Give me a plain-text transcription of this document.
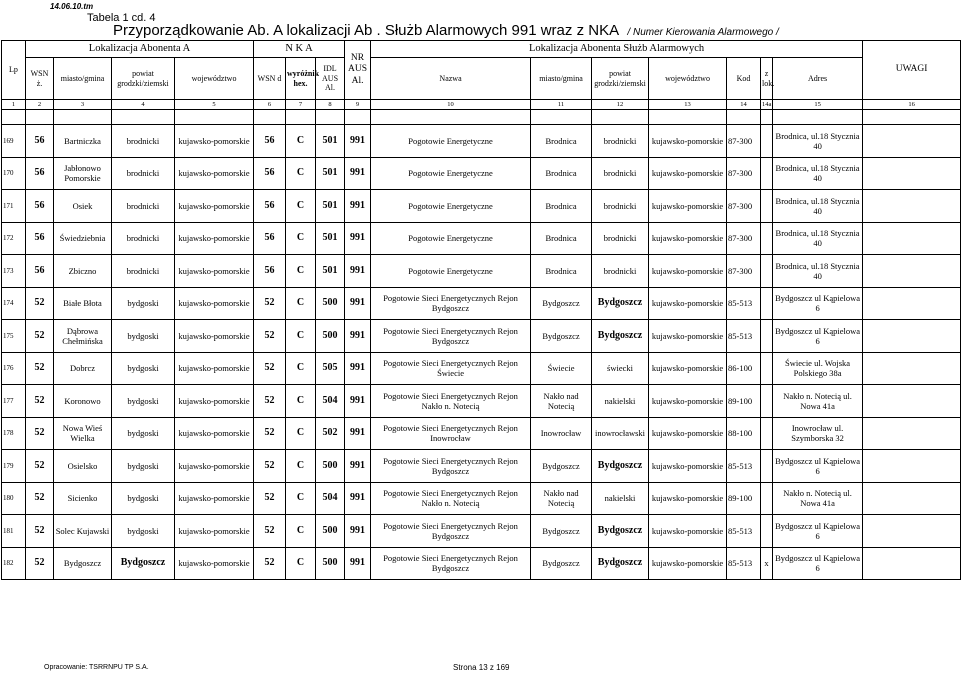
14.06.10.tm
Tabela 1 cd. 4
Przyporządkowanie Ab. A lokalizacji Ab . Służb Alarmowych 991 wraz z NKA / Numer Kierowania Alarmowego /
Lp	Lokalizacja Abonenta A				N K A			NR AUS Al.	Lokalizacja Abonenta Służb Alarmowych							UWAGI
	WSN ż.	miasto/gmina	powiat grodzki/ziemski	województwo	WSN d	wyróżnik hex.	IDL AUS Al.		Nazwa	miasto/gmina	powiat grodzki/ziemski	województwo	Kod	z lok.	Adres	
1	2	3	4	5	6	7	8	9	10	11	12	13	14	14a	15	16

169	56	Bartniczka	brodnicki	kujawsko-pomorskie	56	C	501	991	Pogotowie Energetyczne	Brodnica	brodnicki	kujawsko-pomorskie	87-300		Brodnica, ul.18 Stycznia 40	
170	56	Jabłonowo Pomorskie	brodnicki	kujawsko-pomorskie	56	C	501	991	Pogotowie Energetyczne	Brodnica	brodnicki	kujawsko-pomorskie	87-300		Brodnica, ul.18 Stycznia 40	
171	56	Osiek	brodnicki	kujawsko-pomorskie	56	C	501	991	Pogotowie Energetyczne	Brodnica	brodnicki	kujawsko-pomorskie	87-300		Brodnica, ul.18 Stycznia 40	
172	56	Świedziebnia	brodnicki	kujawsko-pomorskie	56	C	501	991	Pogotowie Energetyczne	Brodnica	brodnicki	kujawsko-pomorskie	87-300		Brodnica, ul.18 Stycznia 40	
173	56	Zbiczno	brodnicki	kujawsko-pomorskie	56	C	501	991	Pogotowie Energetyczne	Brodnica	brodnicki	kujawsko-pomorskie	87-300		Brodnica, ul.18 Stycznia 40	
174	52	Białe Błota	bydgoski	kujawsko-pomorskie	52	C	500	991	Pogotowie Sieci Energetycznych Rejon Bydgoszcz	Bydgoszcz	Bydgoszcz	kujawsko-pomorskie	85-513		Bydgoszcz ul Kąpielowa 6	
175	52	Dąbrowa Chełmińska	bydgoski	kujawsko-pomorskie	52	C	500	991	Pogotowie Sieci Energetycznych Rejon Bydgoszcz	Bydgoszcz	Bydgoszcz	kujawsko-pomorskie	85-513		Bydgoszcz ul Kąpielowa 6	
176	52	Dobrcz	bydgoski	kujawsko-pomorskie	52	C	505	991	Pogotowie Sieci Energetycznych Rejon Świecie	Świecie	świecki	kujawsko-pomorskie	86-100		Świecie ul. Wojska Polskiego 38a	
177	52	Koronowo	bydgoski	kujawsko-pomorskie	52	C	504	991	Pogotowie Sieci Energetycznych Rejon Nakło n. Notecią	Nakło nad Notecią	nakielski	kujawsko-pomorskie	89-100		Nakło n. Notecią ul. Nowa 41a	
178	52	Nowa Wieś Wielka	bydgoski	kujawsko-pomorskie	52	C	502	991	Pogotowie Sieci Energetycznych Rejon Inowrocław	Inowrocław	inowrocławski	kujawsko-pomorskie	88-100		Inowrocław ul. Szymborska 32	
179	52	Osielsko	bydgoski	kujawsko-pomorskie	52	C	500	991	Pogotowie Sieci Energetycznych Rejon Bydgoszcz	Bydgoszcz	Bydgoszcz	kujawsko-pomorskie	85-513		Bydgoszcz ul Kąpielowa 6	
180	52	Sicienko	bydgoski	kujawsko-pomorskie	52	C	504	991	Pogotowie Sieci Energetycznych Rejon Nakło n. Notecią	Nakło nad Notecią	nakielski	kujawsko-pomorskie	89-100		Nakło n. Notecią ul. Nowa 41a	
181	52	Solec Kujawski	bydgoski	kujawsko-pomorskie	52	C	500	991	Pogotowie Sieci Energetycznych Rejon Bydgoszcz	Bydgoszcz	Bydgoszcz	kujawsko-pomorskie	85-513		Bydgoszcz ul Kąpielowa 6	
182	52	Bydgoszcz	Bydgoszcz	kujawsko-pomorskie	52	C	500	991	Pogotowie Sieci Energetycznych Rejon Bydgoszcz	Bydgoszcz	Bydgoszcz	kujawsko-pomorskie	85-513	x	Bydgoszcz ul Kąpielowa 6	
Opracowanie: TSRRNPU TP S.A.	Strona 13 z 169
